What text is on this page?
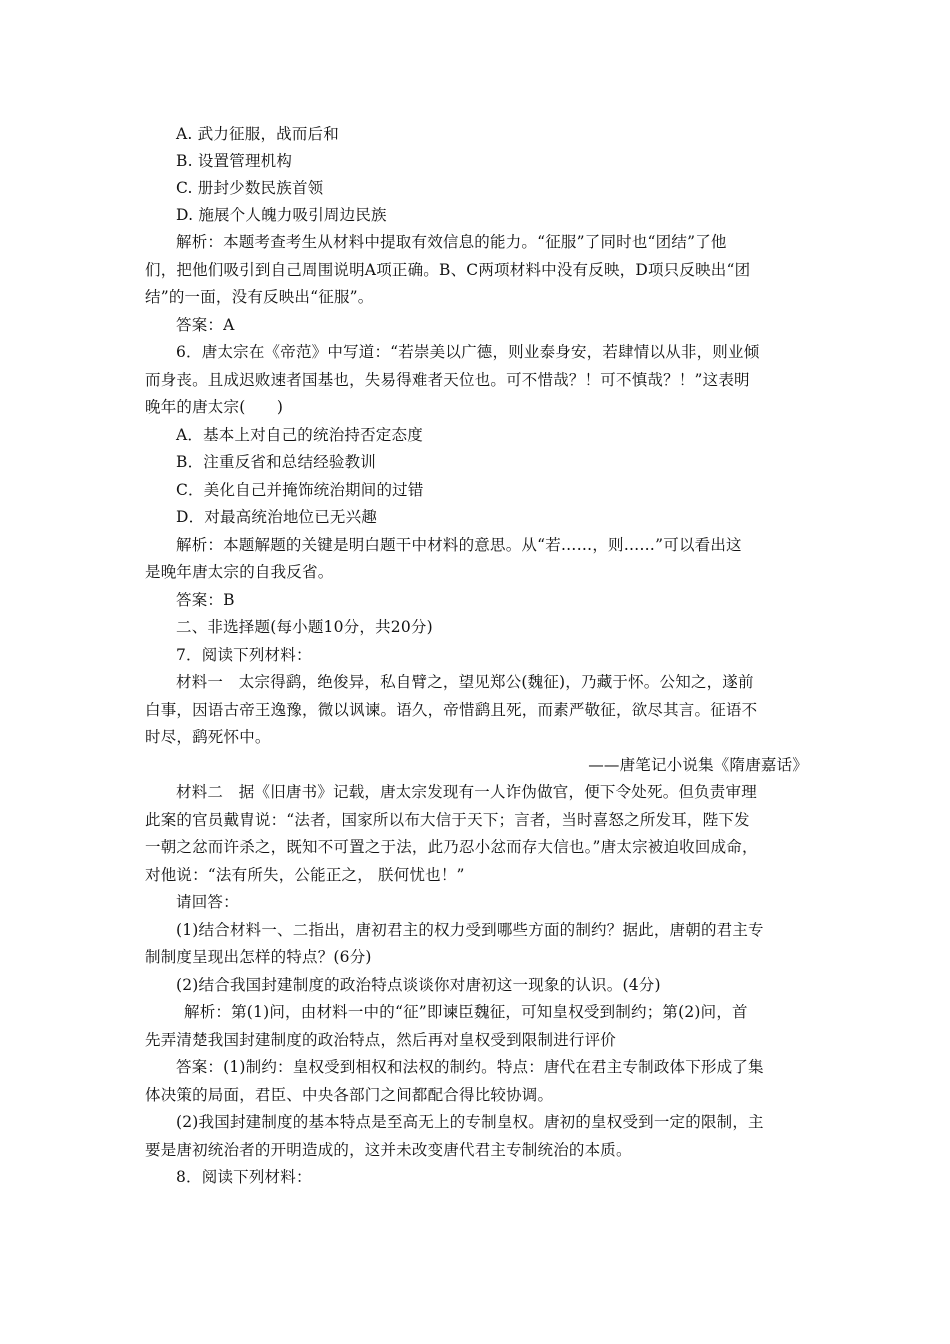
A. 武力征服，战而后和
B. 设置管理机构
C. 册封少数民族首领
D. 施展个人魄力吸引周边民族
解析：本题考查考生从材料中提取有效信息的能力。“征服”了同时也“团结”了他
们，把他们吸引到自己周围说明A项正确。B、C两项材料中没有反映，D项只反映出“团
结”的一面，没有反映出“征服”。
答案：A
6．唐太宗在《帝范》中写道：“若崇美以广德，则业泰身安，若肆情以从非，则业倾
而身丧。且成迟败速者国基也，失易得难者天位也。可不惜哉？！可不慎哉？！”这表明
晚年的唐太宗(　　)
A．基本上对自己的统治持否定态度
B．注重反省和总结经验教训
C．美化自己并掩饰统治期间的过错
D．对最高统治地位已无兴趣
解析：本题解题的关键是明白题干中材料的意思。从“若……，则……”可以看出这
是晚年唐太宗的自我反省。
答案：B
二、非选择题(每小题10分，共20分)
7．阅读下列材料：
材料一　太宗得鹞，绝俊异，私自臂之，望见郑公(魏征)，乃藏于怀。公知之，遂前
白事，因语古帝王逸豫，微以讽谏。语久，帝惜鹞且死，而素严敬征，欲尽其言。征语不
时尽，鹞死怀中。
——唐笔记小说集《隋唐嘉话》
材料二　据《旧唐书》记载，唐太宗发现有一人诈伪做官，便下令处死。但负责审理
此案的官员戴胄说：“法者，国家所以布大信于天下；言者，当时喜怒之所发耳，陛下发
一朝之忿而许杀之，既知不可置之于法，此乃忍小忿而存大信也。”唐太宗被迫收回成命，
对他说：“法有所失，公能正之， 朕何忧也！”
请回答：
(1)结合材料一、二指出，唐初君主的权力受到哪些方面的制约？据此，唐朝的君主专
制制度呈现出怎样的特点？(6分)
(2)结合我国封建制度的政治特点谈谈你对唐初这一现象的认识。(4分)
解析：第(1)问，由材料一中的“征”即谏臣魏征，可知皇权受到制约；第(2)问，首
先弄清楚我国封建制度的政治特点，然后再对皇权受到限制进行评价
答案：(1)制约：皇权受到相权和法权的制约。特点：唐代在君主专制政体下形成了集
体决策的局面，君臣、中央各部门之间都配合得比较协调。
(2)我国封建制度的基本特点是至高无上的专制皇权。唐初的皇权受到一定的限制，主
要是唐初统治者的开明造成的，这并未改变唐代君主专制统治的本质。
8．阅读下列材料：
